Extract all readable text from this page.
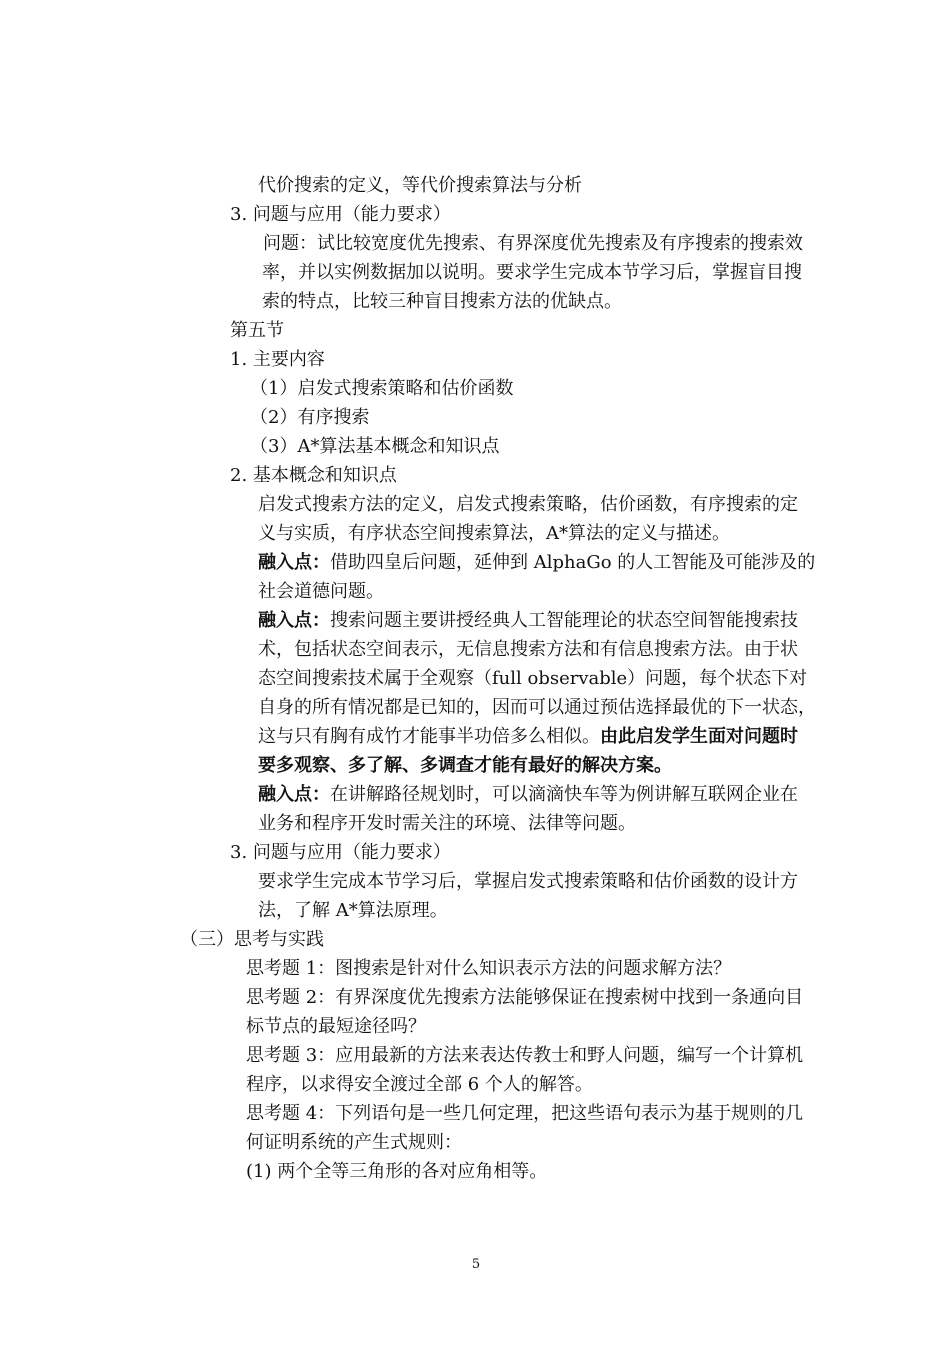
代价搜索的定义，等代价搜索算法与分析
3. 问题与应用（能力要求）
问题：试比较宽度优先搜索、有界深度优先搜索及有序搜索的搜索效
率，并以实例数据加以说明。要求学生完成本节学习后，掌握盲目搜
索的特点，比较三种盲目搜索方法的优缺点。
第五节
1. 主要内容
（1）启发式搜索策略和估价函数
（2）有序搜索
（3）A*算法基本概念和知识点
2. 基本概念和知识点
启发式搜索方法的定义，启发式搜索策略，估价函数，有序搜索的定
义与实质，有序状态空间搜索算法，A*算法的定义与描述。
融入点：借助四皇后问题，延伸到 AlphaGo 的人工智能及可能涉及的
社会道德问题。
融入点：搜索问题主要讲授经典人工智能理论的状态空间智能搜索技
术，包括状态空间表示，无信息搜索方法和有信息搜索方法。由于状
态空间搜索技术属于全观察（full observable）问题，每个状态下对
自身的所有情况都是已知的，因而可以通过预估选择最优的下一状态，
这与只有胸有成竹才能事半功倍多么相似。由此启发学生面对问题时
要多观察、多了解、多调查才能有最好的解决方案。
融入点：在讲解路径规划时，可以滴滴快车等为例讲解互联网企业在
业务和程序开发时需关注的环境、法律等问题。
3. 问题与应用（能力要求）
要求学生完成本节学习后，掌握启发式搜索策略和估价函数的设计方
法，了解 A*算法原理。
（三）思考与实践
思考题 1：图搜索是针对什么知识表示方法的问题求解方法？
思考题 2：有界深度优先搜索方法能够保证在搜索树中找到一条通向目
标节点的最短途径吗？
思考题 3：应用最新的方法来表达传教士和野人问题，编写一个计算机
程序，以求得安全渡过全部 6 个人的解答。
思考题 4：下列语句是一些几何定理，把这些语句表示为基于规则的几
何证明系统的产生式规则：
(1) 两个全等三角形的各对应角相等。
5
